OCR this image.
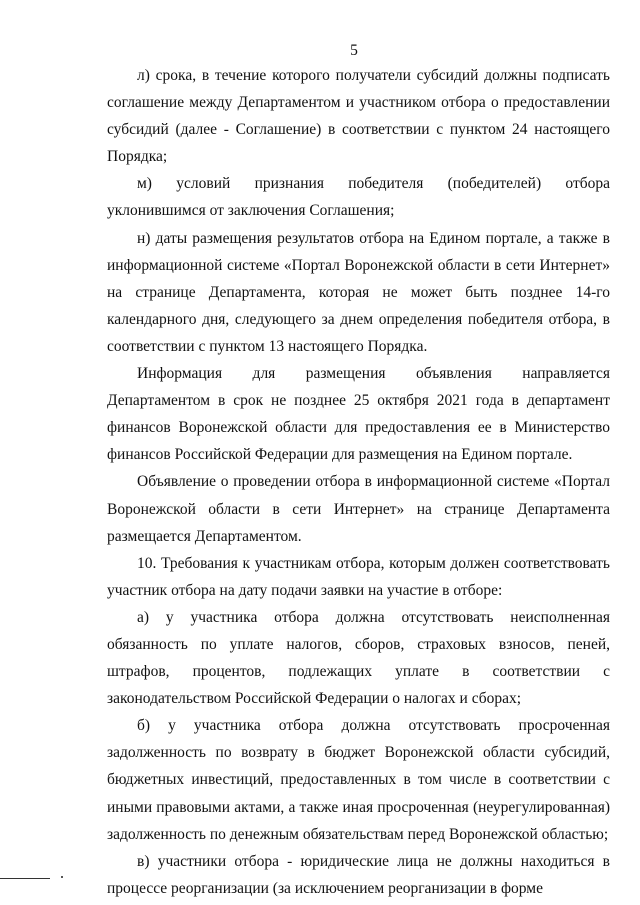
5

л) срока, в течение которого получатели субсидий должны подписать соглашение между Департаментом и участником отбора о предоставлении субсидий (далее - Соглашение) в соответствии с пунктом 24 настоящего Порядка;

м) условий признания победителя (победителей) отбора уклонившимся от заключения Соглашения;

н) даты размещения результатов отбора на Едином портале, а также в информационной системе «Портал Воронежской области в сети Интернет» на странице Департамента, которая не может быть позднее 14-го календарного дня, следующего за днем определения победителя отбора, в соответствии с пунктом 13 настоящего Порядка.

Информация для размещения объявления направляется Департаментом в срок не позднее 25 октября 2021 года в департамент финансов Воронежской области для предоставления ее в Министерство финансов Российской Федерации для размещения на Едином портале.

Объявление о проведении отбора в информационной системе «Портал Воронежской области в сети Интернет» на странице Департамента размещается Департаментом.

10. Требования к участникам отбора, которым должен соответствовать участник отбора на дату подачи заявки на участие в отборе:

а) у участника отбора должна отсутствовать неисполненная обязанность по уплате налогов, сборов, страховых взносов, пеней, штрафов, процентов, подлежащих уплате в соответствии с законодательством Российской Федерации о налогах и сборах;

б) у участника отбора должна отсутствовать просроченная задолженность по возврату в бюджет Воронежской области субсидий, бюджетных инвестиций, предоставленных в том числе в соответствии с иными правовыми актами, а также иная просроченная (неурегулированная) задолженность по денежным обязательствам перед Воронежской областью;

в) участники отбора - юридические лица не должны находиться в процессе реорганизации (за исключением реорганизации в форме
